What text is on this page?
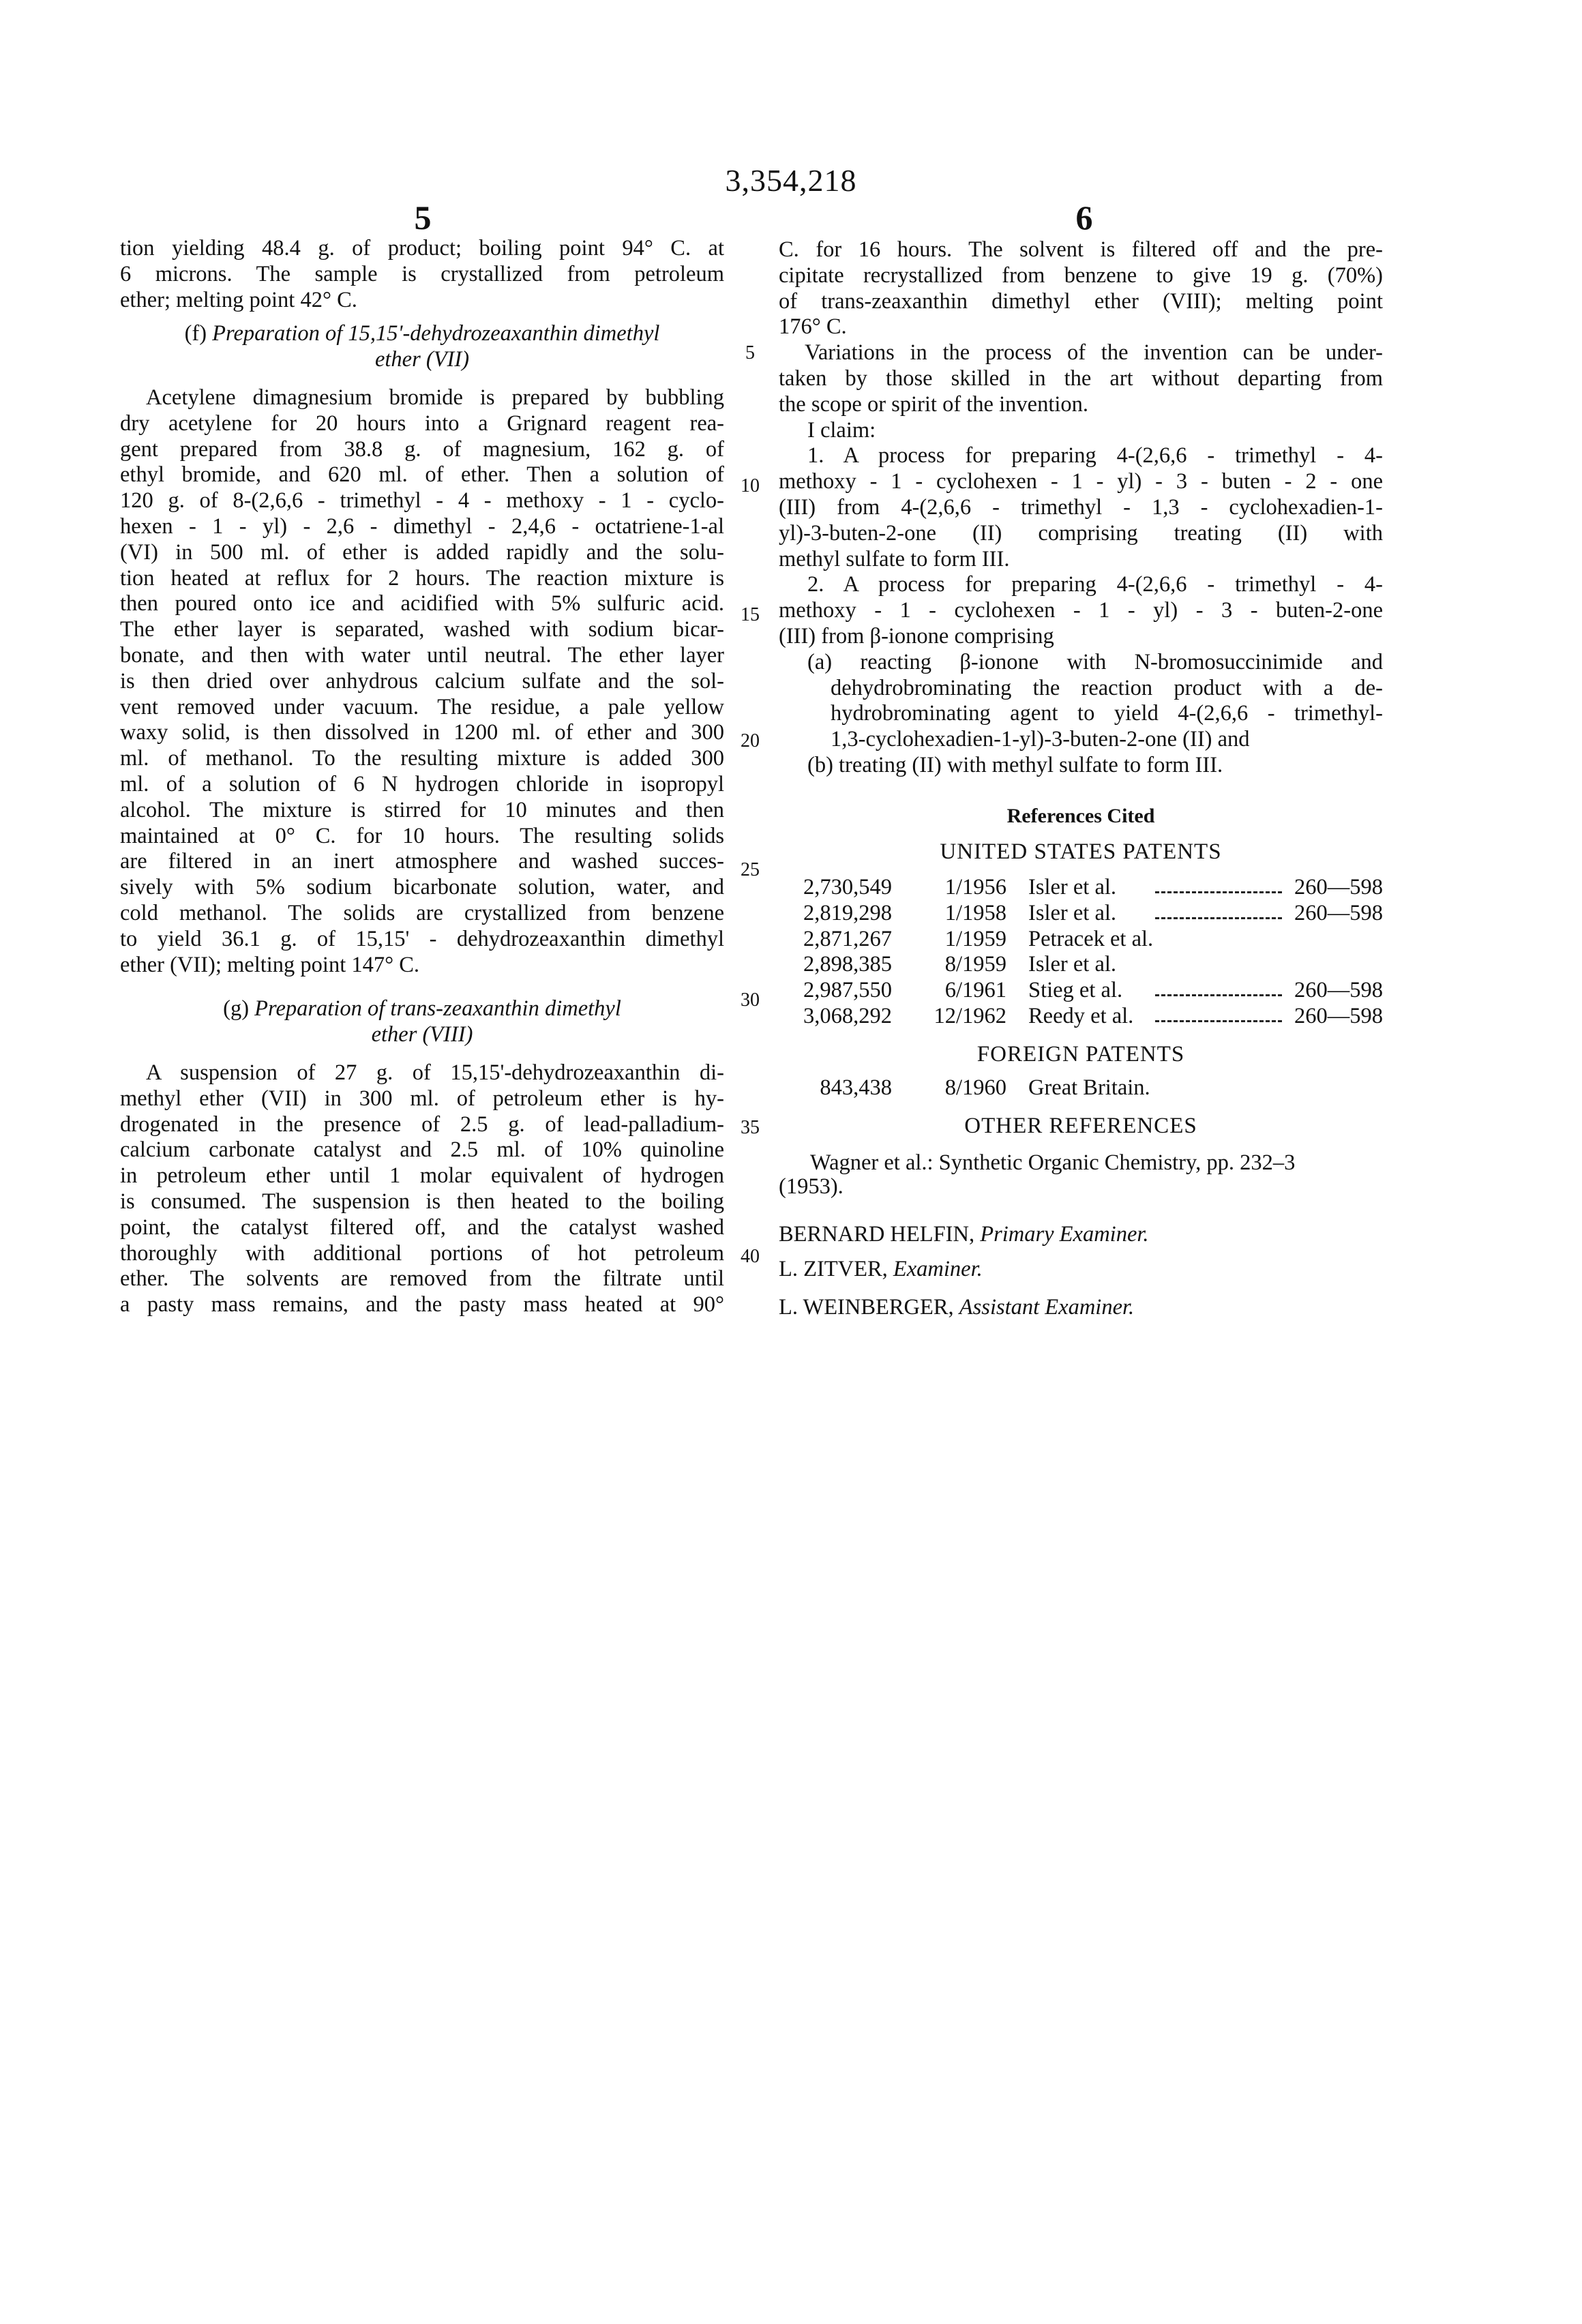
3,354,218
5	6
tion yielding 48.4 g. of product; boiling point 94° C. at
6 microns. The sample is crystallized from petroleum
ether; melting point 42° C.
(f) Preparation of 15,15'-dehydrozeaxanthin dimethyl
ether (VII)
Acetylene dimagnesium bromide is prepared by bubbling
dry acetylene for 20 hours into a Grignard reagent rea-
gent prepared from 38.8 g. of magnesium, 162 g. of
ethyl bromide, and 620 ml. of ether. Then a solution of
120 g. of 8-(2,6,6 - trimethyl - 4 - methoxy - 1 - cyclo-
hexen - 1 - yl) - 2,6 - dimethyl - 2,4,6 - octatriene-1-al
(VI) in 500 ml. of ether is added rapidly and the solu-
tion heated at reflux for 2 hours. The reaction mixture is
then poured onto ice and acidified with 5% sulfuric acid.
The ether layer is separated, washed with sodium bicar-
bonate, and then with water until neutral. The ether layer
is then dried over anhydrous calcium sulfate and the sol-
vent removed under vacuum. The residue, a pale yellow
waxy solid, is then dissolved in 1200 ml. of ether and 300
ml. of methanol. To the resulting mixture is added 300
ml. of a solution of 6 N hydrogen chloride in isopropyl
alcohol. The mixture is stirred for 10 minutes and then
maintained at 0° C. for 10 hours. The resulting solids
are filtered in an inert atmosphere and washed succes-
sively with 5% sodium bicarbonate solution, water, and
cold methanol. The solids are crystallized from benzene
to yield 36.1 g. of 15,15' - dehydrozeaxanthin dimethyl
ether (VII); melting point 147° C.
(g) Preparation of trans-zeaxanthin dimethyl
ether (VIII)
A suspension of 27 g. of 15,15'-dehydrozeaxanthin di-
methyl ether (VII) in 300 ml. of petroleum ether is hy-
drogenated in the presence of 2.5 g. of lead-palladium-
calcium carbonate catalyst and 2.5 ml. of 10% quinoline
in petroleum ether until 1 molar equivalent of hydrogen
is consumed. The suspension is then heated to the boiling
point, the catalyst filtered off, and the catalyst washed
thoroughly with additional portions of hot petroleum
ether. The solvents are removed from the filtrate until
a pasty mass remains, and the pasty mass heated at 90°
C. for 16 hours. The solvent is filtered off and the pre-
cipitate recrystallized from benzene to give 19 g. (70%)
of trans-zeaxanthin dimethyl ether (VIII); melting point
176° C.
Variations in the process of the invention can be under-
taken by those skilled in the art without departing from
the scope or spirit of the invention.
I claim:
1. A process for preparing 4-(2,6,6 - trimethyl - 4-
methoxy - 1 - cyclohexen - 1 - yl) - 3 - buten - 2 - one
(III) from 4-(2,6,6 - trimethyl - 1,3 - cyclohexadien-1-
yl)-3-buten-2-one (II) comprising treating (II) with
methyl sulfate to form III.
2. A process for preparing 4-(2,6,6 - trimethyl - 4-
methoxy - 1 - cyclohexen - 1 - yl) - 3 - buten-2-one
(III) from β-ionone comprising
(a) reacting β-ionone with N-bromosuccinimide and
dehydrobrominating the reaction product with a de-
hydrobrominating agent to yield 4-(2,6,6 - trimethyl-
1,3-cyclohexadien-1-yl)-3-buten-2-one (II) and
(b) treating (II) with methyl sulfate to form III.
References Cited
UNITED STATES PATENTS
2,730,549 1/1956 Isler et al.	260—598
2,819,298 1/1958 Isler et al.	260—598
2,871,267 1/1959 Petracek et al.
2,898,385 8/1959 Isler et al.
2,987,550 6/1961 Stieg et al.	260—598
3,068,292 12/1962 Reedy et al.	260—598
FOREIGN PATENTS
843,438 8/1960 Great Britain.
OTHER REFERENCES
Wagner et al.: Synthetic Organic Chemistry, pp. 232–3
(1953).
BERNARD HELFIN, Primary Examiner.
L. ZITVER, Examiner.
L. WEINBERGER, Assistant Examiner.
5
10
15
20
25
30
35
40
